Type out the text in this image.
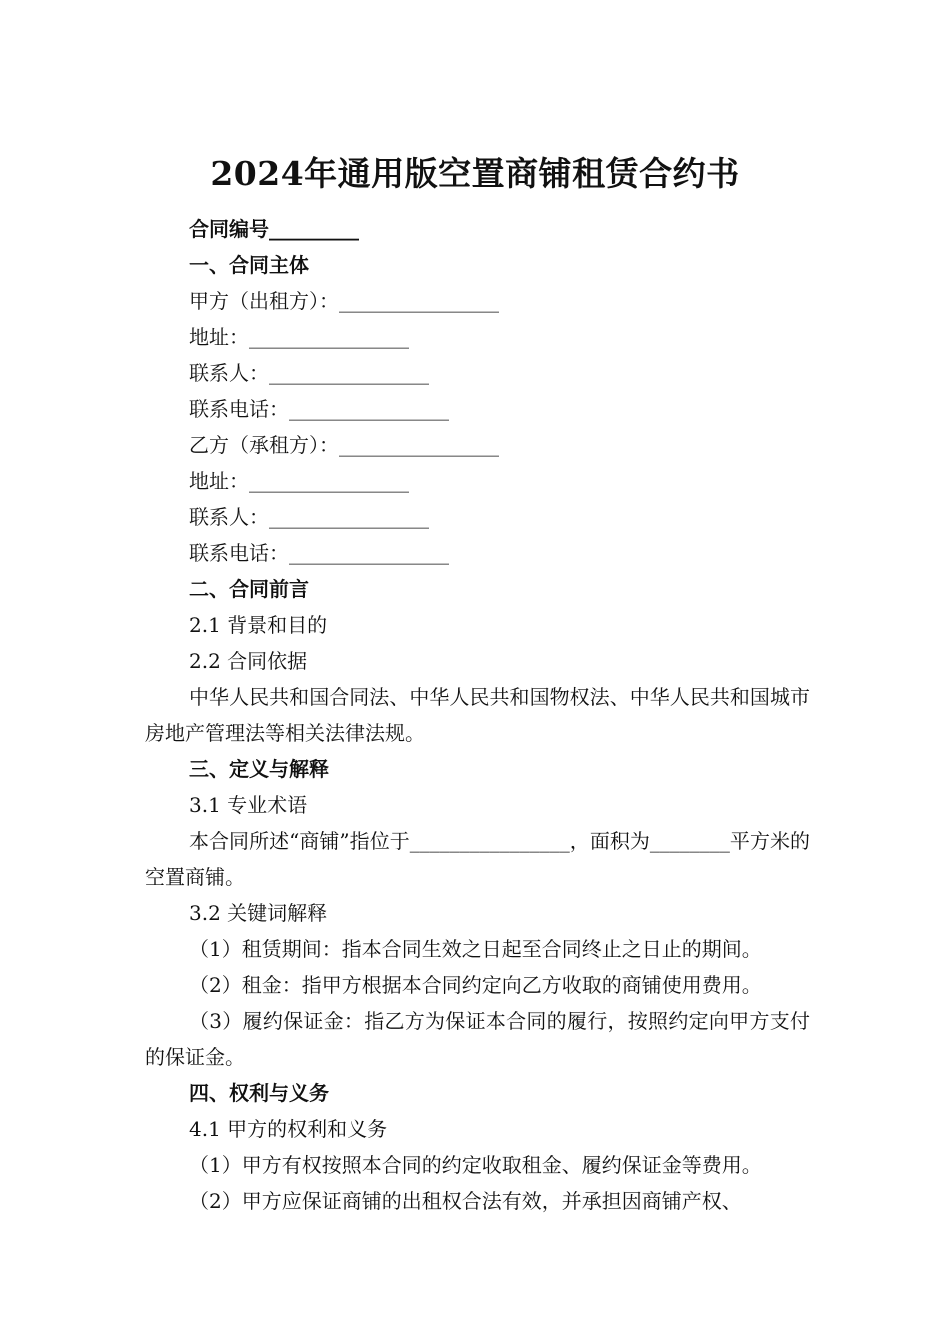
2024年通用版空置商铺租赁合约书
合同编号_________
一、合同主体
甲方（出租方）：________________
地址：________________
联系人：________________
联系电话：________________
乙方（承租方）：________________
地址：________________
联系人：________________
联系电话：________________
二、合同前言
2.1 背景和目的
2.2 合同依据

中华人民共和国合同法、中华人民共和国物权法、中华人民共和国城市房地产管理法等相关法律法规。

三、定义与解释
3.1 专业术语

本合同所述“商铺”指位于________________，面积为________平方米的空置商铺。

3.2 关键词解释
（1）租赁期间：指本合同生效之日起至合同终止之日止的期间。
（2）租金：指甲方根据本合同约定向乙方收取的商铺使用费用。

（3）履约保证金：指乙方为保证本合同的履行，按照约定向甲方支付的保证金。

四、权利与义务
4.1 甲方的权利和义务
（1）甲方有权按照本合同的约定收取租金、履约保证金等费用。
（2）甲方应保证商铺的出租权合法有效，并承担因商铺产权、
